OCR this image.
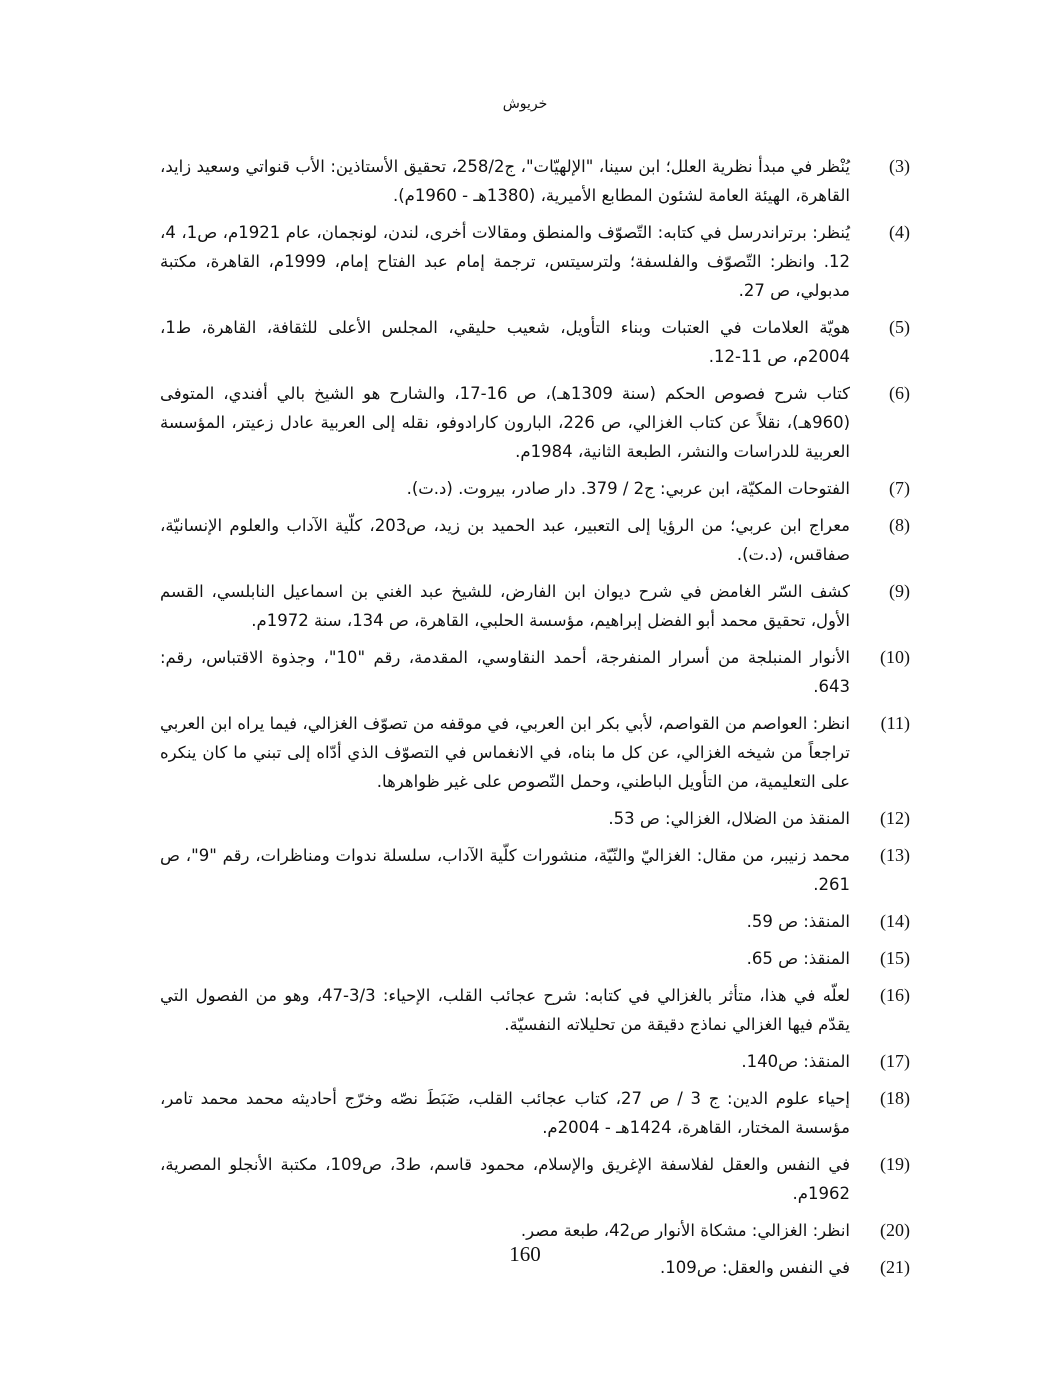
خريوش
(3)
يُنْظر في مبدأ نظرية العلل؛ ابن سينا، "الإلهيّات"، ج258/2، تحقيق الأستاذين: الأب قنواتي وسعيد زايد، القاهرة، الهيئة العامة لشئون المطابع الأميرية، (1380هـ - 1960م).
(4)
يُنظر: برتراندرسل في كتابه: التّصوّف والمنطق ومقالات أخرى، لندن، لونجمان، عام 1921م، ص1، 4، 12. وانظر: التّصوّف والفلسفة؛ ولترسيتس، ترجمة إمام عبد الفتاح إمام، 1999م، القاهرة، مكتبة مدبولي، ص 27.
(5)
هويّة العلامات في العتبات وبناء التأويل، شعيب حليقي، المجلس الأعلى للثقافة، القاهرة، ط1، 2004م، ص 11-12.
(6)
كتاب شرح فصوص الحكم (سنة 1309هـ)، ص 16-17، والشارح هو الشيخ بالي أفندي، المتوفى (960هـ)، نقلاً عن كتاب الغزالي، ص 226، البارون كارادوفو، نقله إلى العربية عادل زعيتر، المؤسسة العربية للدراسات والنشر، الطبعة الثانية، 1984م.
(7)
الفتوحات المكيّة، ابن عربي: ج2 / 379. دار صادر، بيروت. (د.ت).
(8)
معراج ابن عربي؛ من الرؤيا إلى التعبير، عبد الحميد بن زيد، ص203، كلّية الآداب والعلوم الإنسانيّة، صفاقس، (د.ت).
(9)
كشف السّر الغامض في شرح ديوان ابن الفارض، للشيخ عبد الغني بن اسماعيل النابلسي، القسم الأول، تحقيق محمد أبو الفضل إبراهيم، مؤسسة الحلبي، القاهرة، ص 134، سنة 1972م.
(10)
الأنوار المنبلجة من أسرار المنفرجة، أحمد النقاوسي، المقدمة، رقم "10"، وجذوة الاقتباس، رقم: 643.
(11)
انظر: العواصم من القواصم، لأبي بكر ابن العربي، في موقفه من تصوّف الغزالي، فيما يراه ابن العربي تراجعاً من شيخه الغزالي، عن كل ما بناه، في الانغماس في التصوّف الذي أدّاه إلى تبني ما كان ينكره على التعليمية، من التأويل الباطني، وحمل النّصوص على غير ظواهرها.
(12)
المنقذ من الضلال، الغزالي: ص 53.
(13)
محمد زنيبر، من مقال: الغزاليّ والنّيّة، منشورات كلّية الآداب، سلسلة ندوات ومناظرات، رقم "9"، ص 261.
(14)
المنقذ: ص 59.
(15)
المنقذ: ص 65.
(16)
لعلّه في هذا، متأثر بالغزالي في كتابه: شرح عجائب القلب، الإحياء: 3/3-47، وهو من الفصول التي يقدّم فيها الغزالي نماذج دقيقة من تحليلاته النفسيّة.
(17)
المنقذ: ص140.
(18)
إحياء علوم الدين: ج 3 / ص 27، كتاب عجائب القلب، ضَبَطَ نصّه وخرّج أحاديثه محمد محمد تامر، مؤسسة المختار، القاهرة، 1424هـ - 2004م.
(19)
في النفس والعقل لفلاسفة الإغريق والإسلام، محمود قاسم، ط3، ص109، مكتبة الأنجلو المصرية، 1962م.
(20)
انظر: الغزالي: مشكاة الأنوار ص42، طبعة مصر.
(21)
في النفس والعقل: ص109.
160
